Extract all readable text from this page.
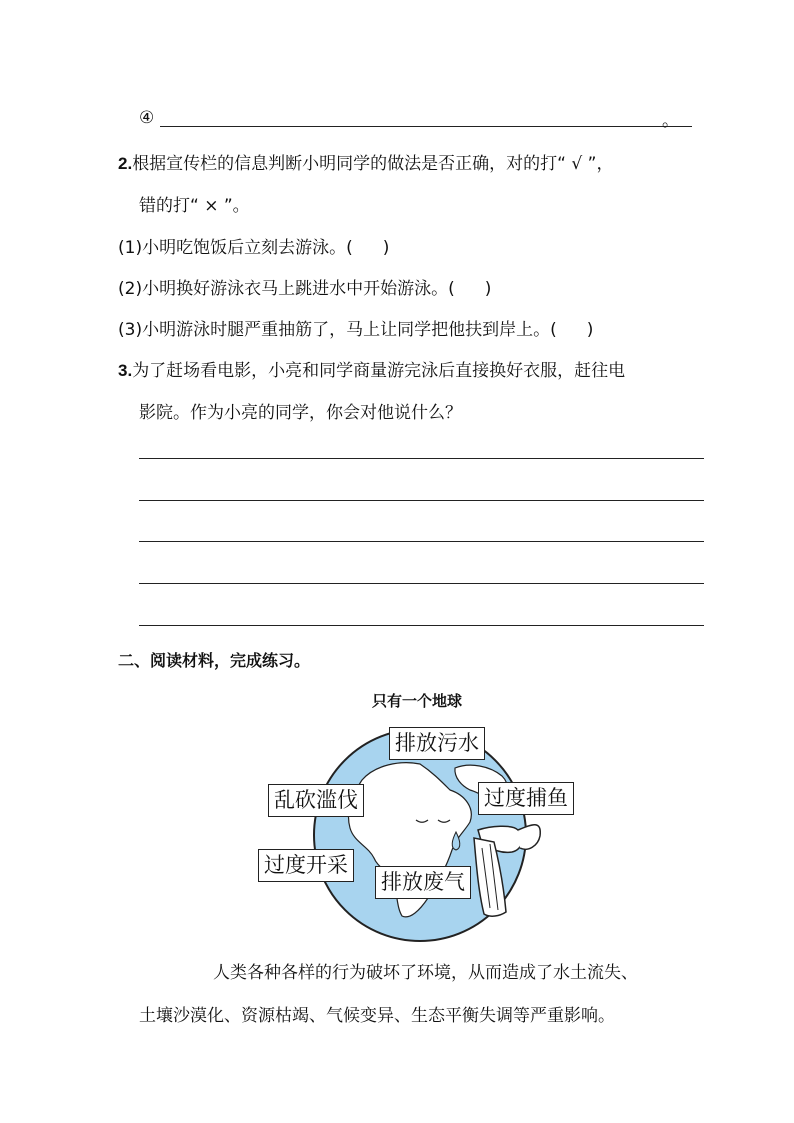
④	。
2.根据宣传栏的信息判断小明同学的做法是否正确，对的打“ √ ”，
错的打“ × ”。
(1)小明吃饱饭后立刻去游泳。( )
(2)小明换好游泳衣马上跳进水中开始游泳。( )
(3)小明游泳时腿严重抽筋了，马上让同学把他扶到岸上。( )
3.为了赶场看电影，小亮和同学商量游完泳后直接换好衣服，赶往电
影院。作为小亮的同学，你会对他说什么？
二、阅读材料，完成练习。
只有一个地球
排放污水
乱砍滥伐	过度捕鱼
过度开采
排放废气
人类各种各样的行为破坏了环境，从而造成了水土流失、
土壤沙漠化、资源枯竭、气候变异、生态平衡失调等严重影响。
